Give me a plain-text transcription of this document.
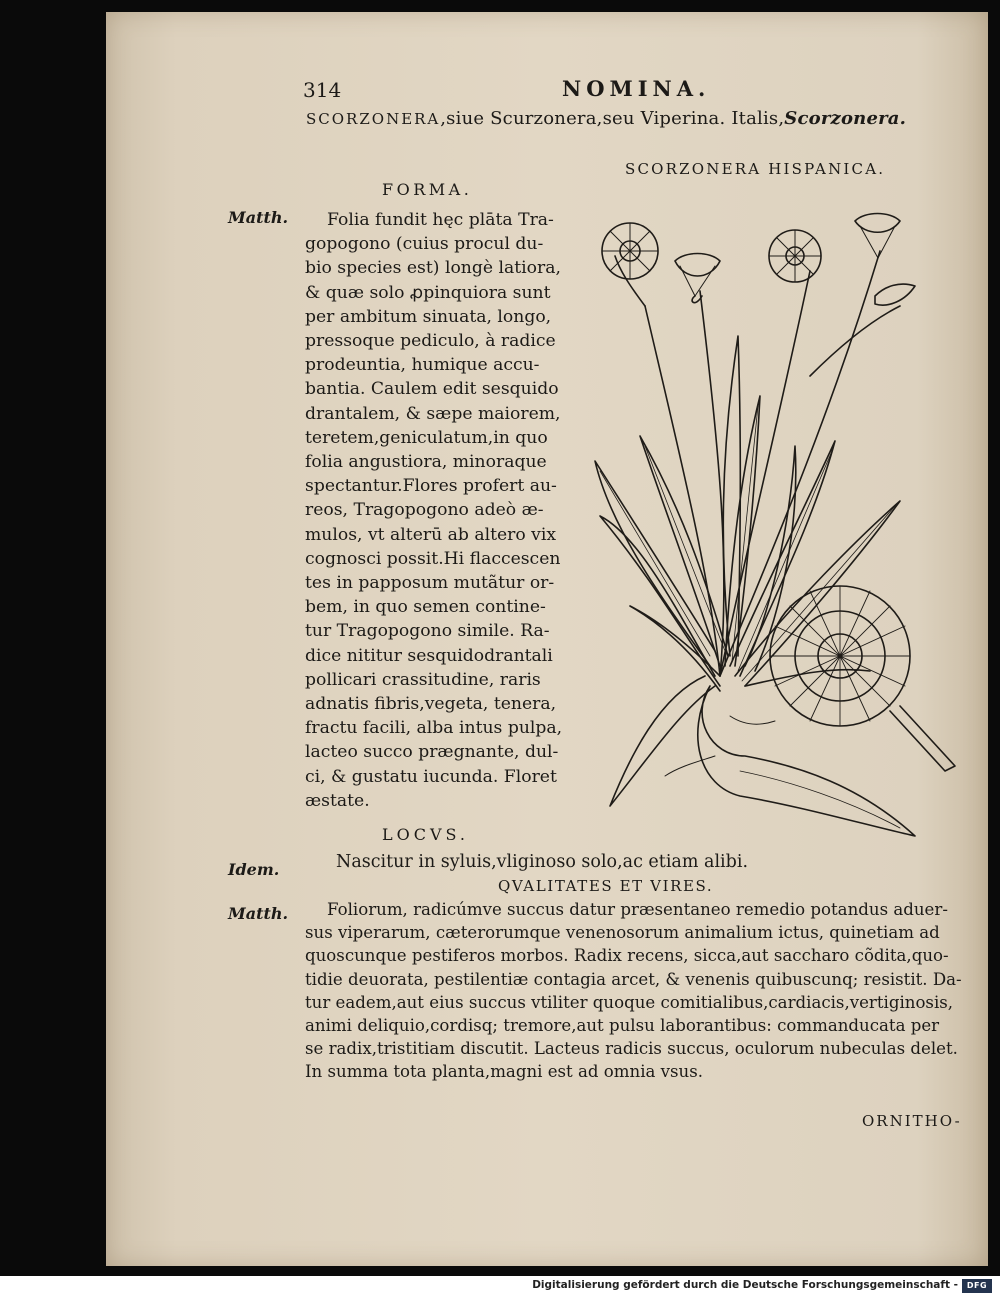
314	NOMINA.
SCORZONERA,siue Scurzonera,seu Viperina. Italis,Scorzonera.
SCORZONERA HISPANICA.
FORMA.
Matth.	Folia fundit hęc plāta Tra-
gopogono (cuius procul du-
bio species est) longè latiora,
& quæ solo ꝓpinquiora sunt
per ambitum sinuata, longo,
pressoque pediculo, à radice
prodeuntia, humique accu-
bantia. Caulem edit sesquido
drantalem, & sæpe maiorem,
teretem,geniculatum,in quo
folia angustiora, minoraque
spectantur.Flores profert au-
reos, Tragopogono adeò æ-
mulos, vt alterū ab altero vix
cognosci possit.Hi flaccescen
tes in papposum mutãtur or-
bem, in quo semen contine-
tur Tragopogono simile. Ra-
dice nititur sesquidodrantali
pollicari crassitudine, raris
adnatis fibris,vegeta, tenera,
fractu facili, alba intus pulpa,
lacteo succo prægnante, dul-
ci, & gustatu iucunda. Floret
æstate.
LOCVS.
Idem.	Nascitur in syluis,vliginoso solo,ac etiam alibi.
QVALITATES ET VIRES.
Matth.	Foliorum, radicúmve succus datur præsentaneo remedio potandus aduer-
sus viperarum, cæterorumque venenosorum animalium ictus, quinetiam ad
quoscunque pestiferos morbos. Radix recens, sicca,aut saccharo cõdita,quo-
tidie deuorata, pestilentiæ contagia arcet, & venenis quibuscunq; resistit. Da-
tur eadem,aut eius succus vtiliter quoque comitialibus,cardiacis,vertiginosis,
animi deliquio,cordisq; tremore,aut pulsu laborantibus: commanducata per
se radix,tristitiam discutit. Lacteus radicis succus, oculorum nubeculas delet.
In summa tota planta,magni est ad omnia vsus.
ORNITHO-
Digitalisierung gefördert durch die Deutsche Forschungsgemeinschaft -	DFG
